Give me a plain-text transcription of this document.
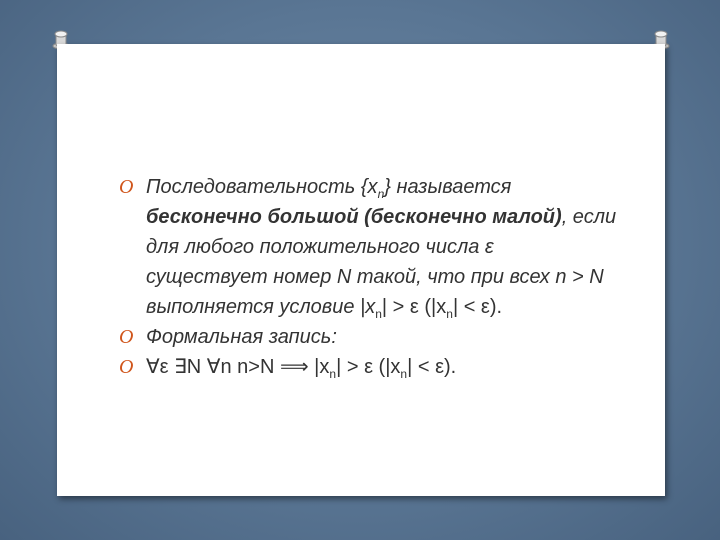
O Последовательность $\{x_n\}$ называется бесконечно большой (бесконечно малой), если для любого положительного числа ε существует номер N такой, что при всех n > N выполняется условие $|x_n| > \varepsilon$ $(|x_n| < \varepsilon)$.
O Формальная запись:
O ∀ε ∃N ∀n n>N ⟹ $|x_n| > \varepsilon$ $(|x_n| < \varepsilon)$.
